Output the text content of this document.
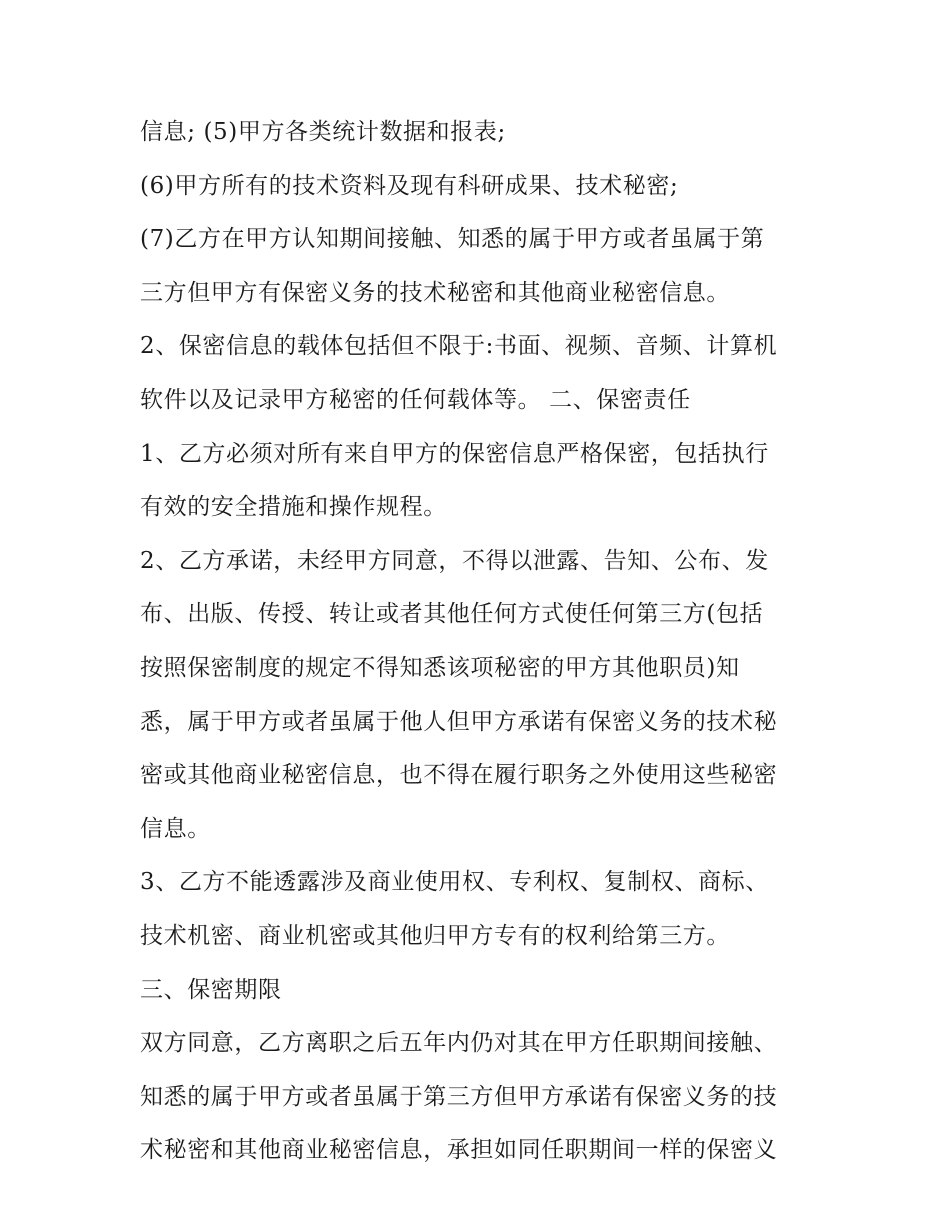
信息; (5)甲方各类统计数据和报表;
(6)甲方所有的技术资料及现有科研成果、技术秘密;
(7)乙方在甲方认知期间接触、知悉的属于甲方或者虽属于第
三方但甲方有保密义务的技术秘密和其他商业秘密信息。
2、保密信息的载体包括但不限于:书面、视频、音频、计算机
软件以及记录甲方秘密的任何载体等。 二、保密责任
1、乙方必须对所有来自甲方的保密信息严格保密，包括执行
有效的安全措施和操作规程。
2、乙方承诺，未经甲方同意，不得以泄露、告知、公布、发
布、出版、传授、转让或者其他任何方式使任何第三方(包括
按照保密制度的规定不得知悉该项秘密的甲方其他职员)知
悉，属于甲方或者虽属于他人但甲方承诺有保密义务的技术秘
密或其他商业秘密信息，也不得在履行职务之外使用这些秘密
信息。
3、乙方不能透露涉及商业使用权、专利权、复制权、商标、
技术机密、商业机密或其他归甲方专有的权利给第三方。
三、保密期限
双方同意，乙方离职之后五年内仍对其在甲方任职期间接触、
知悉的属于甲方或者虽属于第三方但甲方承诺有保密义务的技
术秘密和其他商业秘密信息，承担如同任职期间一样的保密义
